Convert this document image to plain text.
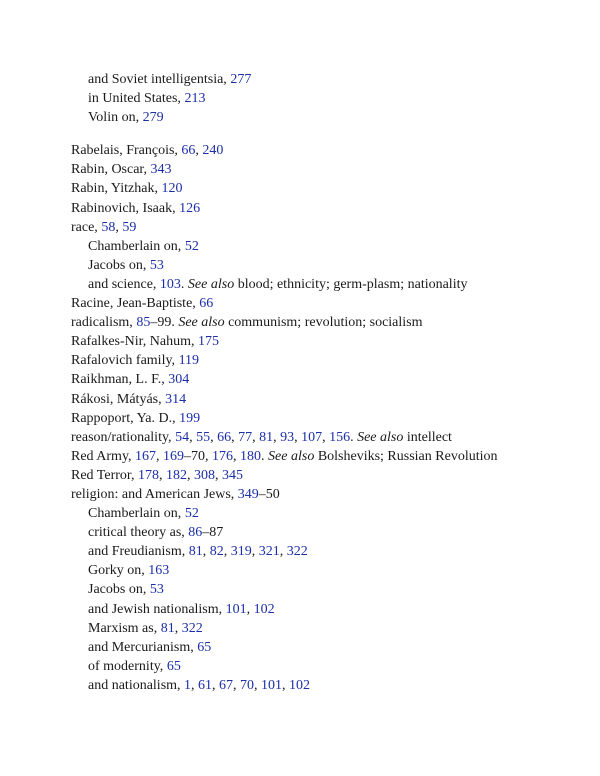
and Soviet intelligentsia, 277
in United States, 213
Volin on, 279
Rabelais, François, 66, 240
Rabin, Oscar, 343
Rabin, Yitzhak, 120
Rabinovich, Isaak, 126
race, 58, 59
Chamberlain on, 52
Jacobs on, 53
and science, 103. See also blood; ethnicity; germ-plasm; nationality
Racine, Jean-Baptiste, 66
radicalism, 85–99. See also communism; revolution; socialism
Rafalkes-Nir, Nahum, 175
Rafalovich family, 119
Raikhman, L. F., 304
Rákosi, Mátyás, 314
Rappoport, Ya. D., 199
reason/rationality, 54, 55, 66, 77, 81, 93, 107, 156. See also intellect
Red Army, 167, 169–70, 176, 180. See also Bolsheviks; Russian Revolution
Red Terror, 178, 182, 308, 345
religion: and American Jews, 349–50
Chamberlain on, 52
critical theory as, 86–87
and Freudianism, 81, 82, 319, 321, 322
Gorky on, 163
Jacobs on, 53
and Jewish nationalism, 101, 102
Marxism as, 81, 322
and Mercurianism, 65
of modernity, 65
and nationalism, 1, 61, 67, 70, 101, 102
